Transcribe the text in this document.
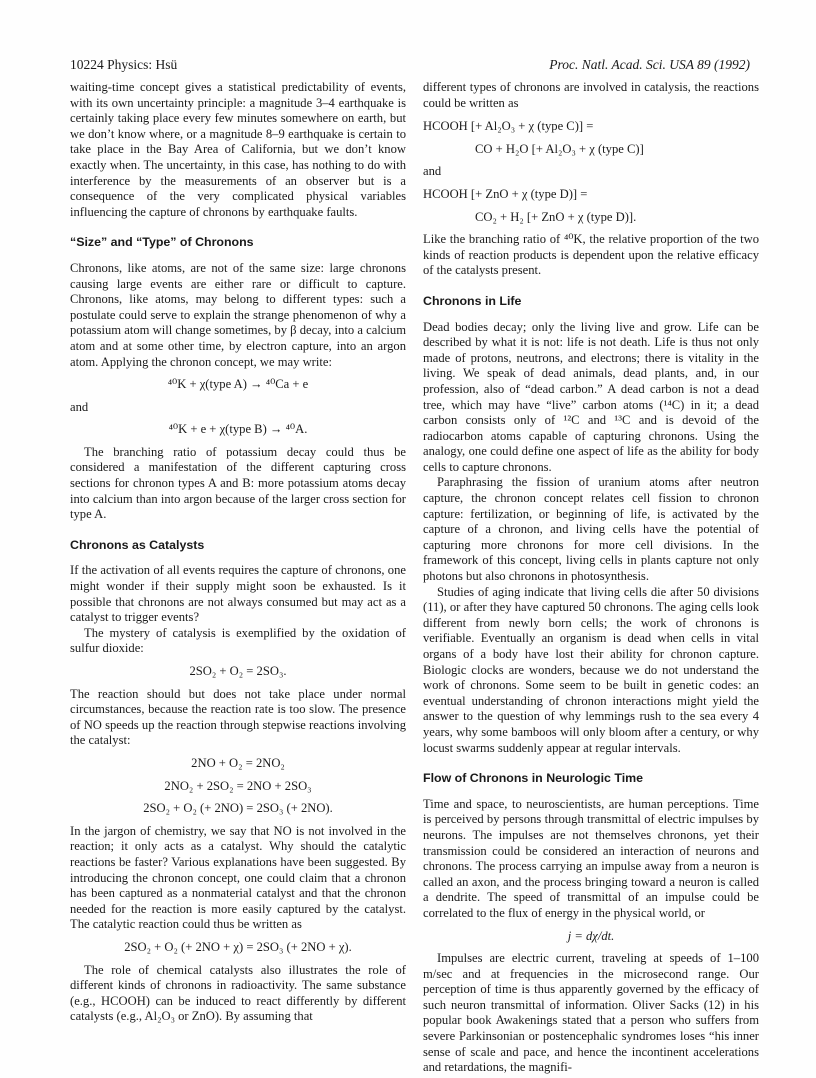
10224 Physics: Hsü	Proc. Natl. Acad. Sci. USA 89 (1992)

waiting-time concept gives a statistical predictability of events, with its own uncertainty principle: a magnitude 3–4 earthquake is certainly taking place every few minutes somewhere on earth, but we don’t know where, or a magnitude 8–9 earthquake is certain to take place in the Bay Area of California, but we don’t know exactly when. The uncertainty, in this case, has nothing to do with interference by the measurements of an observer but is a consequence of the very complicated physical variables influencing the capture of chronons by earthquake faults.

“Size” and “Type” of Chronons

Chronons, like atoms, are not of the same size: large chronons causing large events are either rare or difficult to capture. Chronons, like atoms, may belong to different types: such a postulate could serve to explain the strange phenomenon of why a potassium atom will change sometimes, by β decay, into a calcium atom and at some other time, by electron capture, into an argon atom. Applying the chronon concept, we may write:

⁴⁰K + χ(type A) → ⁴⁰Ca + e
and
⁴⁰K + e + χ(type B) → ⁴⁰A.

The branching ratio of potassium decay could thus be considered a manifestation of the different capturing cross sections for chronon types A and B: more potassium atoms decay into calcium than into argon because of the larger cross section for type A.

Chronons as Catalysts

If the activation of all events requires the capture of chronons, one might wonder if their supply might soon be exhausted. Is it possible that chronons are not always consumed but may act as a catalyst to trigger events?

The mystery of catalysis is exemplified by the oxidation of sulfur dioxide:

2SO₂ + O₂ = 2SO₃.

The reaction should but does not take place under normal circumstances, because the reaction rate is too slow. The presence of NO speeds up the reaction through stepwise reactions involving the catalyst:

2NO + O₂ = 2NO₂
2NO₂ + 2SO₂ = 2NO + 2SO₃
2SO₂ + O₂ (+ 2NO) = 2SO₃ (+ 2NO).

In the jargon of chemistry, we say that NO is not involved in the reaction; it only acts as a catalyst. Why should the catalytic reactions be faster? Various explanations have been suggested. By introducing the chronon concept, one could claim that a chronon has been captured as a nonmaterial catalyst and that the chronon needed for the reaction is more easily captured by the catalyst. The catalytic reaction could thus be written as

2SO₂ + O₂ (+ 2NO + χ) = 2SO₃ (+ 2NO + χ).

The role of chemical catalysts also illustrates the role of different kinds of chronons in radioactivity. The same substance (e.g., HCOOH) can be induced to react differently by different catalysts (e.g., Al₂O₃ or ZnO). By assuming that

different types of chronons are involved in catalysis, the reactions could be written as

HCOOH [+ Al₂O₃ + χ (type C)] =
CO + H₂O [+ Al₂O₃ + χ (type C)]
and
HCOOH [+ ZnO + χ (type D)] =
CO₂ + H₂ [+ ZnO + χ (type D)].

Like the branching ratio of ⁴⁰K, the relative proportion of the two kinds of reaction products is dependent upon the relative efficacy of the catalysts present.

Chronons in Life

Dead bodies decay; only the living live and grow. Life can be described by what it is not: life is not death. Life is thus not only made of protons, neutrons, and electrons; there is vitality in the living. We speak of dead animals, dead plants, and, in our profession, also of “dead carbon.” A dead carbon is not a dead tree, which may have “live” carbon atoms (¹⁴C) in it; a dead carbon consists only of ¹²C and ¹³C and is devoid of the radiocarbon atoms capable of capturing chronons. Using the analogy, one could define one aspect of life as the ability for body cells to capture chronons.

Paraphrasing the fission of uranium atoms after neutron capture, the chronon concept relates cell fission to chronon capture: fertilization, or beginning of life, is activated by the capture of a chronon, and living cells have the potential of capturing more chronons for more cell divisions. In the framework of this concept, living cells in plants capture not only photons but also chronons in photosynthesis.

Studies of aging indicate that living cells die after 50 divisions (11), or after they have captured 50 chronons. The aging cells look different from newly born cells; the work of chronons is verifiable. Eventually an organism is dead when cells in vital organs of a body have lost their ability for chronon capture. Biologic clocks are wonders, because we do not understand the work of chronons. Some seem to be built in genetic codes: an eventual understanding of chronon interactions might yield the answer to the question of why lemmings rush to the sea every 4 years, why some bamboos will only bloom after a century, or why locust swarms suddenly appear at regular intervals.

Flow of Chronons in Neurologic Time

Time and space, to neuroscientists, are human perceptions. Time is perceived by persons through transmittal of electric impulses by neurons. The impulses are not themselves chronons, yet their transmission could be considered an interaction of neurons and chronons. The process carrying an impulse away from a neuron is called an axon, and the process bringing toward a neuron is called a dendrite. The speed of transmittal of an impulse could be correlated to the flux of energy in the physical world, or

j = dχ/dt.

Impulses are electric current, traveling at speeds of 1–100 m/sec and at frequencies in the microsecond range. Our perception of time is thus apparently governed by the efficacy of such neuron transmittal of information. Oliver Sacks (12) in his popular book Awakenings stated that a person who suffers from severe Parkinsonian or postencephalic syndromes loses “his inner sense of scale and pace, and hence the incontinent accelerations and retardations, the magnifi-
